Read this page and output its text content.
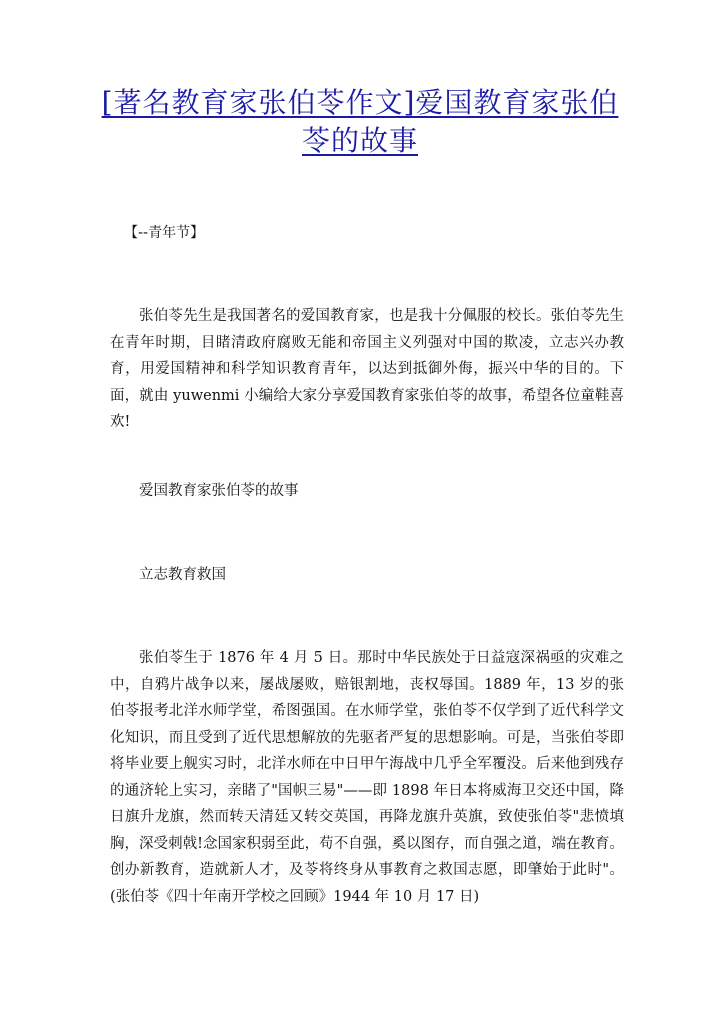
[著名教育家张伯苓作文]爱国教育家张伯
苓的故事
【--青年节】

张伯苓先生是我国著名的爱国教育家，也是我十分佩服的校长。张伯苓先生在青年时期，目睹清政府腐败无能和帝国主义列强对中国的欺凌，立志兴办教育，用爱国精神和科学知识教育青年，以达到抵御外侮，振兴中华的目的。下面，就由 yuwenmi 小编给大家分享爱国教育家张伯苓的故事，希望各位童鞋喜欢!

爱国教育家张伯苓的故事
立志教育救国

张伯苓生于 1876 年 4 月 5 日。那时中华民族处于日益寇深祸亟的灾难之中，自鸦片战争以来，屡战屡败，赔银割地，丧权辱国。1889 年，13 岁的张伯苓报考北洋水师学堂，希图强国。在水师学堂，张伯苓不仅学到了近代科学文化知识，而且受到了近代思想解放的先驱者严复的思想影响。可是，当张伯苓即将毕业要上舰实习时，北洋水师在中日甲午海战中几乎全军覆没。后来他到残存的通济轮上实习，亲睹了"国帜三易"——即 1898 年日本将威海卫交还中国，降日旗升龙旗，然而转天清廷又转交英国，再降龙旗升英旗，致使张伯苓"悲愤填胸，深受刺戟!念国家积弱至此，苟不自强，奚以图存，而自强之道，端在教育。创办新教育，造就新人才，及苓将终身从事教育之救国志愿，即肇始于此时"。(张伯苓《四十年南开学校之回顾》1944 年 10 月 17 日)
